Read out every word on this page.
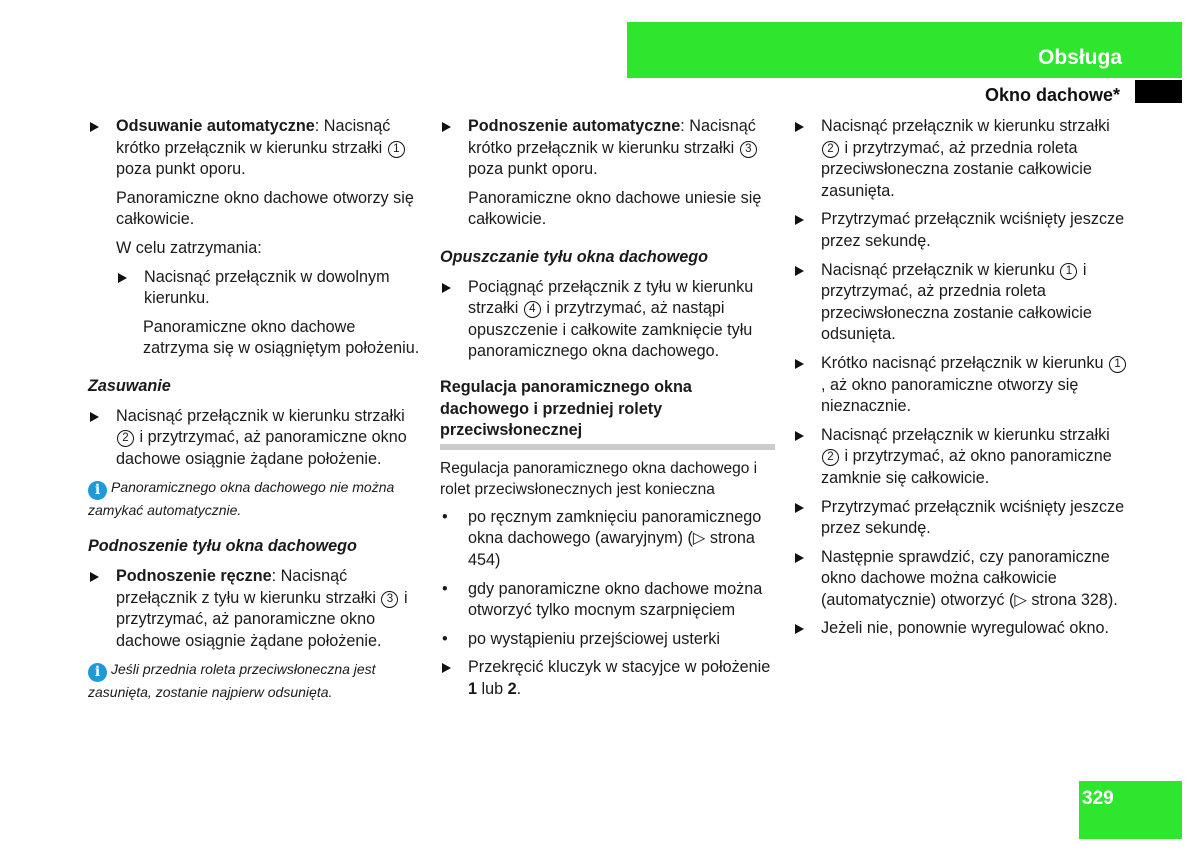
Obsługa
Okno dachowe*
Odsuwanie automatyczne: Nacisnąć krótko przełącznik w kierunku strzałki 1 poza punkt oporu.
Panoramiczne okno dachowe otworzy się całkowicie.
W celu zatrzymania:
Nacisnąć przełącznik w dowolnym kierunku.
Panoramiczne okno dachowe zatrzyma się w osiągniętym położeniu.
Zasuwanie
Nacisnąć przełącznik w kierunku strzałki 2 i przytrzymać, aż panoramiczne okno dachowe osiągnie żądane położenie.
i Panoramicznego okna dachowego nie można zamykać automatycznie.
Podnoszenie tyłu okna dachowego
Podnoszenie ręczne: Nacisnąć przełącznik z tyłu w kierunku strzałki 3 i przytrzymać, aż panoramiczne okno dachowe osiągnie żądane położenie.
i Jeśli przednia roleta przeciwsłoneczna jest zasunięta, zostanie najpierw odsunięta.
Podnoszenie automatyczne: Nacisnąć krótko przełącznik w kierunku strzałki 3 poza punkt oporu.
Panoramiczne okno dachowe uniesie się całkowicie.
Opuszczanie tyłu okna dachowego
Pociągnąć przełącznik z tyłu w kierunku strzałki 4 i przytrzymać, aż nastąpi opuszczenie i całkowite zamknięcie tyłu panoramicznego okna dachowego.
Regulacja panoramicznego okna dachowego i przedniej rolety przeciwsłonecznej
Regulacja panoramicznego okna dachowego i rolet przeciwsłonecznych jest konieczna
• po ręcznym zamknięciu panoramicznego okna dachowego (awaryjnym) (▷ strona 454)
• gdy panoramiczne okno dachowe można otworzyć tylko mocnym szarpnięciem
• po wystąpieniu przejściowej usterki
Przekręcić kluczyk w stacyjce w położenie 1 lub 2.
Nacisnąć przełącznik w kierunku strzałki 2 i przytrzymać, aż przednia roleta przeciwsłoneczna zostanie całkowicie zasunięta.
Przytrzymać przełącznik wciśnięty jeszcze przez sekundę.
Nacisnąć przełącznik w kierunku 1 i przytrzymać, aż przednia roleta przeciwsłoneczna zostanie całkowicie odsunięta.
Krótko nacisnąć przełącznik w kierunku 1, aż okno panoramiczne otworzy się nieznacznie.
Nacisnąć przełącznik w kierunku strzałki 2 i przytrzymać, aż okno panoramiczne zamknie się całkowicie.
Przytrzymać przełącznik wciśnięty jeszcze przez sekundę.
Następnie sprawdzić, czy panoramiczne okno dachowe można całkowicie (automatycznie) otworzyć (▷ strona 328).
Jeżeli nie, ponownie wyregulować okno.
329
